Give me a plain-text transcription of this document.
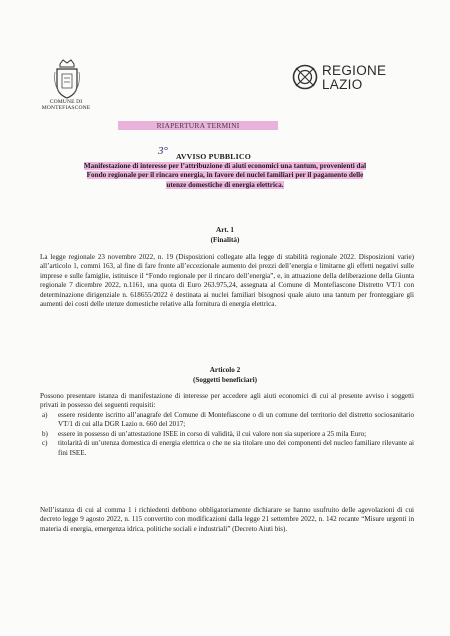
COMUNE DI
MONTEFIASCONE
REGIONE
LAZIO
RIAPERTURA TERMINI
3° AVVISO PUBBLICO
Manifestazione di interesse per l’attribuzione di aiuti economici una tantum, provenienti dal
Fondo regionale per il rincaro energia, in favore dei nuclei familiari per il pagamento delle
utenze domestiche di energia elettrica.
Art. 1
(Finalità)
La legge regionale 23 novembre 2022, n. 19 (Disposizioni collegate alla legge di stabilità regionale 2022. Disposizioni varie) all’articolo 1, commi 163, al fine di fare fronte all’eccezionale aumento dei prezzi dell’energia e limitarne gli effetti negativi sulle imprese e sulle famiglie, istituisce il “Fondo regionale per il rincaro dell’energia”, e, in attuazione della deliberazione della Giunta regionale 7 dicembre 2022, n.1161, una quota di Euro 263.975,24, assegnata al Comune di Montefiascone Distretto VT/1 con determinazione dirigenziale n. 618655/2022 è destinata ai nuclei familiari bisognosi quale aiuto una tantum per fronteggiare gli aumenti dei costi delle utenze domestiche relative alla fornitura di energia elettrica.
Articolo 2
(Soggetti beneficiari)
Possono presentare istanza di manifestazione di interesse per accedere agli aiuti economici di cui al presente avviso i soggetti privati in possesso dei seguenti requisiti:
a) essere residente iscritto all’anagrafe del Comune di Montefiascone o di un comune del territorio del distretto sociosanitario VT/1 di cui alla DGR Lazio n. 660 del 2017;
b) essere in possesso di un’attestazione ISEE in corso di validità, il cui valore non sia superiore a 25 mila Euro;
c) titolarità di un’utenza domestica di energia elettrica o che ne sia titolare uno dei componenti del nucleo familiare rilevante ai fini ISEE.
Nell’istanza di cui al comma 1 i richiedenti debbono obbligatoriamente dichiarare se hanno usufruito delle agevolazioni di cui decreto legge 9 agosto 2022, n. 115 convertito con modificazioni dalla legge 21 settembre 2022, n. 142 recante “Misure urgenti in materia di energia, emergenza idrica, politiche sociali e industriali” (Decreto Aiuti bis).
